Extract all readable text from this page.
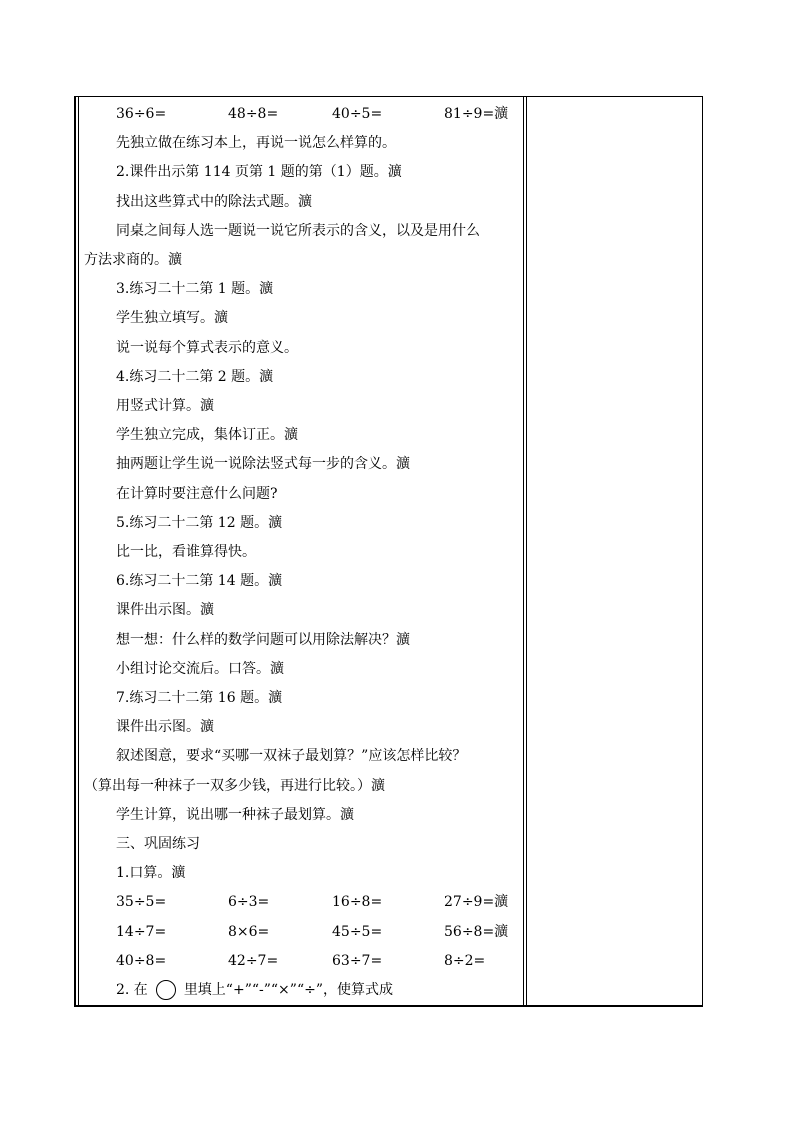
36÷6=	48÷8=	40÷5=	81÷9=瀇
先独立做在练习本上，再说一说怎么样算的。
2.课件出示第 114 页第 1 题的第（1）题。瀇
找出这些算式中的除法式题。瀇
同桌之间每人选一题说一说它所表示的含义，以及是用什么
方法求商的。瀇
3.练习二十二第 1 题。瀇
学生独立填写。瀇
说一说每个算式表示的意义。
4.练习二十二第 2 题。瀇
用竖式计算。瀇
学生独立完成，集体订正。瀇
抽两题让学生说一说除法竖式每一步的含义。瀇
在计算时要注意什么问题?
5.练习二十二第 12 题。瀇
比一比，看谁算得快。
6.练习二十二第 14 题。瀇
课件出示图。瀇
想一想：什么样的数学问题可以用除法解决？瀇
小组讨论交流后。口答。瀇
7.练习二十二第 16 题。瀇
课件出示图。瀇
叙述图意，要求“买哪一双袜子最划算？”应该怎样比较？
（算出每一种袜子一双多少钱，再进行比较。）瀇
学生计算，说出哪一种袜子最划算。瀇
三、巩固练习
1.口算。瀇
35÷5=	6÷3=	16÷8=	27÷9=瀇
14÷7=	8×6=	45÷5=	56÷8=瀇
40÷8=	42÷7=	63÷7=	8÷2=
2. 在	里填上“+”“-”“×”“÷”，使算式成
